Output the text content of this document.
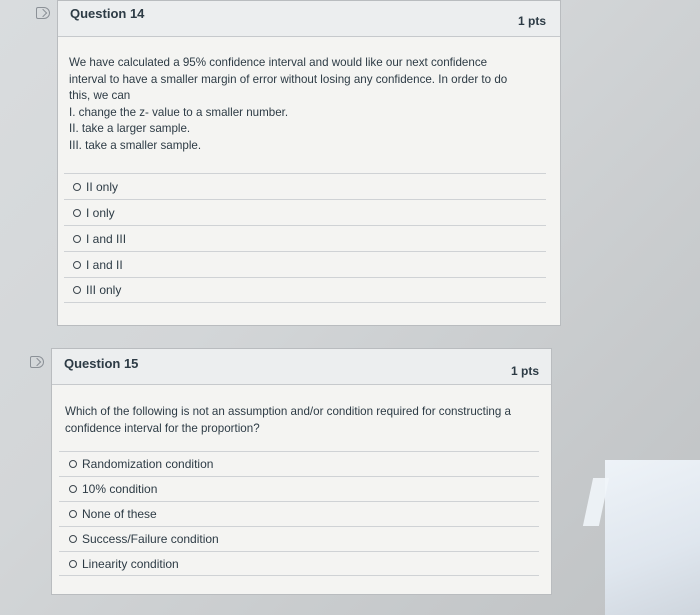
Question 14	1 pts
We have calculated a 95% confidence interval and would like our next confidence
interval to have a smaller margin of error without losing any confidence. In order to do
this, we can
I. change the z- value to a smaller number.
II. take a larger sample.
III. take a smaller sample.
II only
I only
I and III
I and II
III only
Question 15	1 pts
Which of the following is not an assumption and/or condition required for constructing a
confidence interval for the proportion?
Randomization condition
10% condition
None of these
Success/Failure condition
Linearity condition
